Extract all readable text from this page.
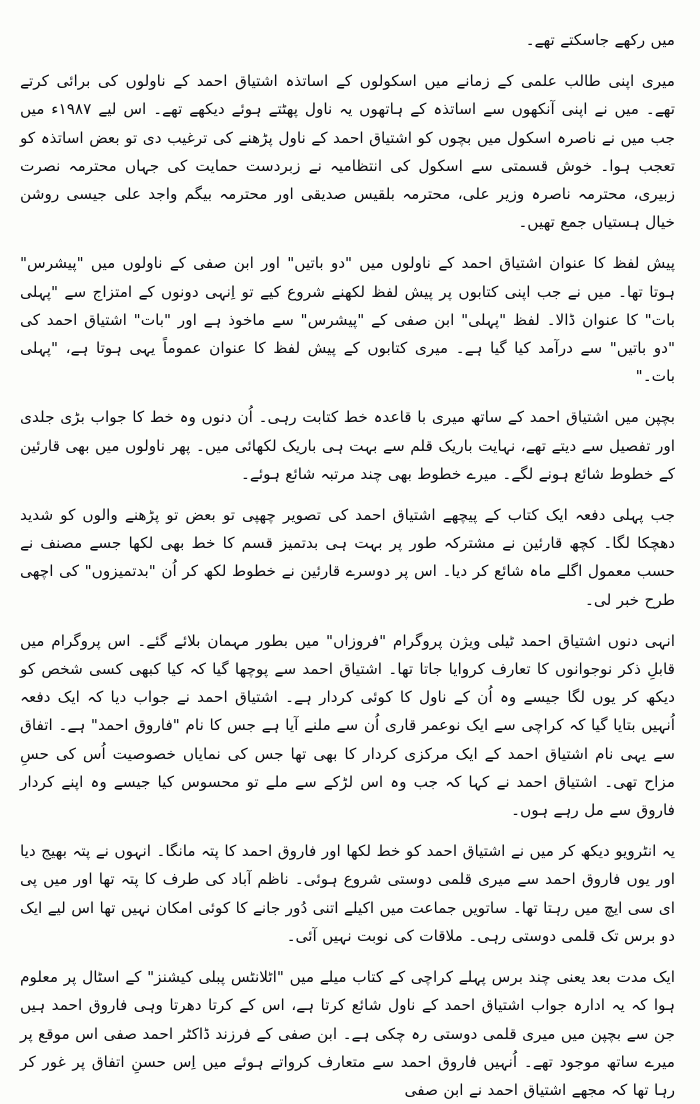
میں رکھے جاسکتے تھے۔

میری اپنی طالب علمی کے زمانے میں اسکولوں کے اساتذہ اشتیاق احمد کے ناولوں کی برائی کرتے تھے۔ میں نے اپنی آنکھوں سے اساتذہ کے ہاتھوں یہ ناول پھٹتے ہوئے دیکھے تھے۔ اس لیے ۱۹۸۷ء میں جب میں نے ناصرہ اسکول میں بچوں کو اشتیاق احمد کے ناول پڑھنے کی ترغیب دی تو بعض اساتذہ کو تعجب ہوا۔ خوش قسمتی سے اسکول کی انتظامیہ نے زبردست حمایت کی جہاں محترمہ نصرت زبیری، محترمہ ناصرہ وزیر علی، محترمہ بلقیس صدیقی اور محترمہ بیگم واجد علی جیسی روشن خیال ہستیاں جمع تھیں۔

پیش لفظ کا عنوان اشتیاق احمد کے ناولوں میں "دو باتیں" اور ابن صفی کے ناولوں میں "پیشرس" ہوتا تھا۔ میں نے جب اپنی کتابوں پر پیش لفظ لکھنے شروع کیے تو اِنہی دونوں کے امتزاج سے "پہلی بات" کا عنوان ڈالا۔ لفظ "پہلی" ابن صفی کے "پیشرس" سے ماخوذ ہے اور "بات" اشتیاق احمد کی "دو باتیں" سے درآمد کیا گیا ہے۔ میری کتابوں کے پیش لفظ کا عنوان عموماً یہی ہوتا ہے، "پہلی بات۔"

بچپن میں اشتیاق احمد کے ساتھ میری با قاعدہ خط کتابت رہی۔ اُن دنوں وہ خط کا جواب بڑی جلدی اور تفصیل سے دیتے تھے، نہایت باریک قلم سے بہت ہی باریک لکھائی میں۔ پھر ناولوں میں بھی قارئین کے خطوط شائع ہونے لگے۔ میرے خطوط بھی چند مرتبہ شائع ہوئے۔

جب پہلی دفعہ ایک کتاب کے پیچھے اشتیاق احمد کی تصویر چھپی تو بعض تو پڑھنے والوں کو شدید دھچکا لگا۔ کچھ قارئین نے مشترکہ طور پر بہت ہی بدتمیز قسم کا خط بھی لکھا جسے مصنف نے حسب معمول اگلے ماہ شائع کر دیا۔ اس پر دوسرے قارئین نے خطوط لکھ کر اُن "بدتمیزوں" کی اچھی طرح خبر لی۔

انہی دنوں اشتیاق احمد ٹیلی ویژن پروگرام "فروزاں" میں بطور مہمان بلائے گئے۔ اس پروگرام میں قابلِ ذکر نوجوانوں کا تعارف کروایا جاتا تھا۔ اشتیاق احمد سے پوچھا گیا کہ کیا کبھی کسی شخص کو دیکھ کر یوں لگا جیسے وہ اُن کے ناول کا کوئی کردار ہے۔ اشتیاق احمد نے جواب دیا کہ ایک دفعہ اُنہیں بتایا گیا کہ کراچی سے ایک نوعمر قاری اُن سے ملنے آیا ہے جس کا نام "فاروق احمد" ہے۔ اتفاق سے یہی نام اشتیاق احمد کے ایک مرکزی کردار کا بھی تھا جس کی نمایاں خصوصیت اُس کی حسِ مزاح تھی۔ اشتیاق احمد نے کہا کہ جب وہ اس لڑکے سے ملے تو محسوس کیا جیسے وہ اپنے کردار فاروق سے مل رہے ہوں۔

یہ انٹرویو دیکھ کر میں نے اشتیاق احمد کو خط لکھا اور فاروق احمد کا پتہ مانگا۔ انہوں نے پتہ بھیج دیا اور یوں فاروق احمد سے میری قلمی دوستی شروع ہوئی۔ ناظم آباد کی طرف کا پتہ تھا اور میں پی ای سی ایچ میں رہتا تھا۔ ساتویں جماعت میں اکیلے اتنی دُور جانے کا کوئی امکان نہیں تھا اس لیے ایک دو برس تک قلمی دوستی رہی۔ ملاقات کی نوبت نہیں آئی۔

ایک مدت بعد یعنی چند برس پہلے کراچی کے کتاب میلے میں "اٹلانٹس پبلی کیشنز" کے اسٹال پر معلوم ہوا کہ یہ ادارہ جواب اشتیاق احمد کے ناول شائع کرتا ہے، اس کے کرتا دھرتا وہی فاروق احمد ہیں جن سے بچپن میں میری قلمی دوستی رہ چکی ہے۔ ابن صفی کے فرزند ڈاکٹر احمد صفی اس موقع پر میرے ساتھ موجود تھے۔ اُنہیں فاروق احمد سے متعارف کرواتے ہوئے میں اِس حسنِ اتفاق پر غور کر رہا تھا کہ مجھے اشتیاق احمد نے ابن صفی
